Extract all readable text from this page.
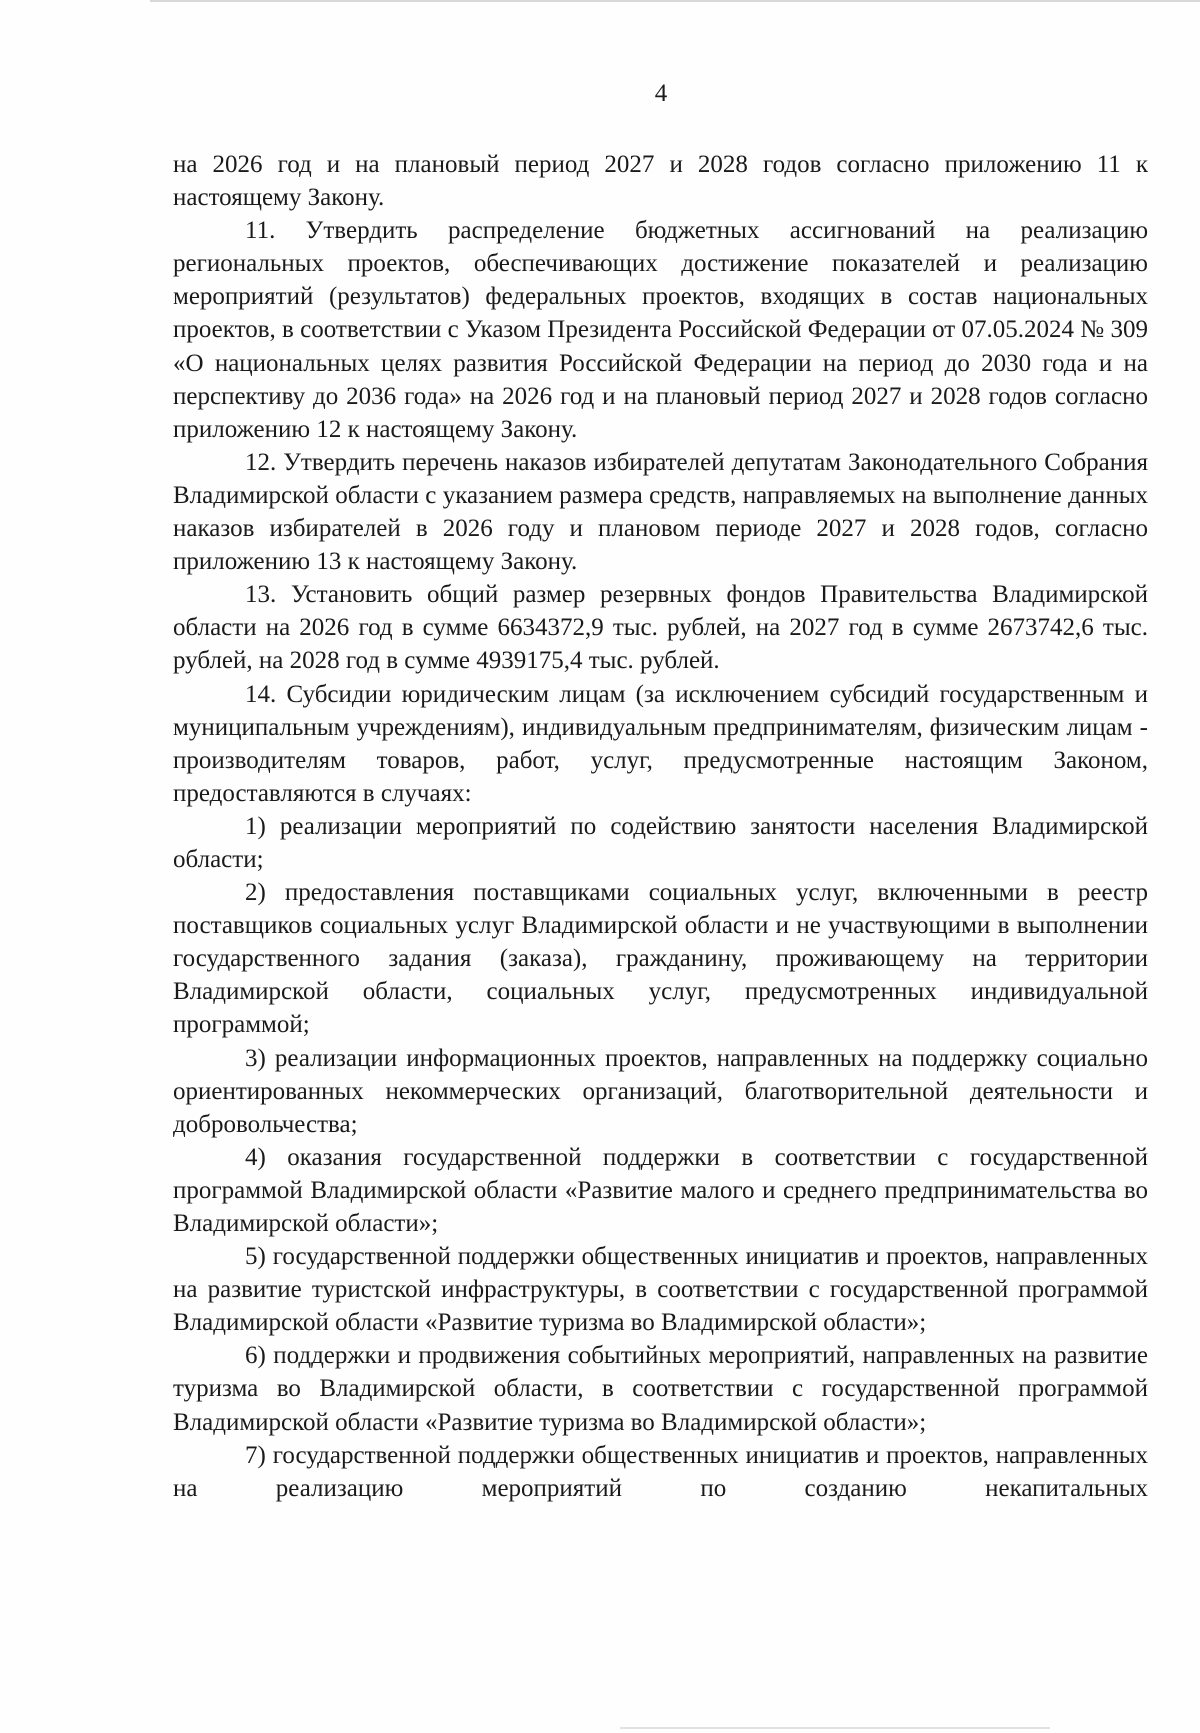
4

на 2026 год и на плановый период 2027 и 2028 годов согласно приложению 11 к настоящему Закону.

11. Утвердить распределение бюджетных ассигнований на реализацию региональных проектов, обеспечивающих достижение показателей и реализацию мероприятий (результатов) федеральных проектов, входящих в состав национальных проектов, в соответствии с Указом Президента Российской Федерации от 07.05.2024 № 309 «О национальных целях развития Российской Федерации на период до 2030 года и на перспективу до 2036 года» на 2026 год и на плановый период 2027 и 2028 годов согласно приложению 12 к настоящему Закону.

12. Утвердить перечень наказов избирателей депутатам Законодательного Собрания Владимирской области с указанием размера средств, направляемых на выполнение данных наказов избирателей в 2026 году и плановом периоде 2027 и 2028 годов, согласно приложению 13 к настоящему Закону.

13. Установить общий размер резервных фондов Правительства Владимирской области на 2026 год в сумме 6634372,9 тыс. рублей, на 2027 год в сумме 2673742,6 тыс. рублей, на 2028 год в сумме 4939175,4 тыс. рублей.

14. Субсидии юридическим лицам (за исключением субсидий государственным и муниципальным учреждениям), индивидуальным предпринимателям, физическим лицам - производителям товаров, работ, услуг, предусмотренные настоящим Законом, предоставляются в случаях:

1) реализации мероприятий по содействию занятости населения Владимирской области;

2) предоставления поставщиками социальных услуг, включенными в реестр поставщиков социальных услуг Владимирской области и не участвующими в выполнении государственного задания (заказа), гражданину, проживающему на территории Владимирской области, социальных услуг, предусмотренных индивидуальной программой;

3) реализации информационных проектов, направленных на поддержку социально ориентированных некоммерческих организаций, благотворительной деятельности и добровольчества;

4) оказания государственной поддержки в соответствии с государственной программой Владимирской области «Развитие малого и среднего предпринимательства во Владимирской области»;

5) государственной поддержки общественных инициатив и проектов, направленных на развитие туристской инфраструктуры, в соответствии с государственной программой Владимирской области «Развитие туризма во Владимирской области»;

6) поддержки и продвижения событийных мероприятий, направленных на развитие туризма во Владимирской области, в соответствии с государственной программой Владимирской области «Развитие туризма во Владимирской области»;

7) государственной поддержки общественных инициатив и проектов, направленных на реализацию мероприятий по созданию некапитальных
